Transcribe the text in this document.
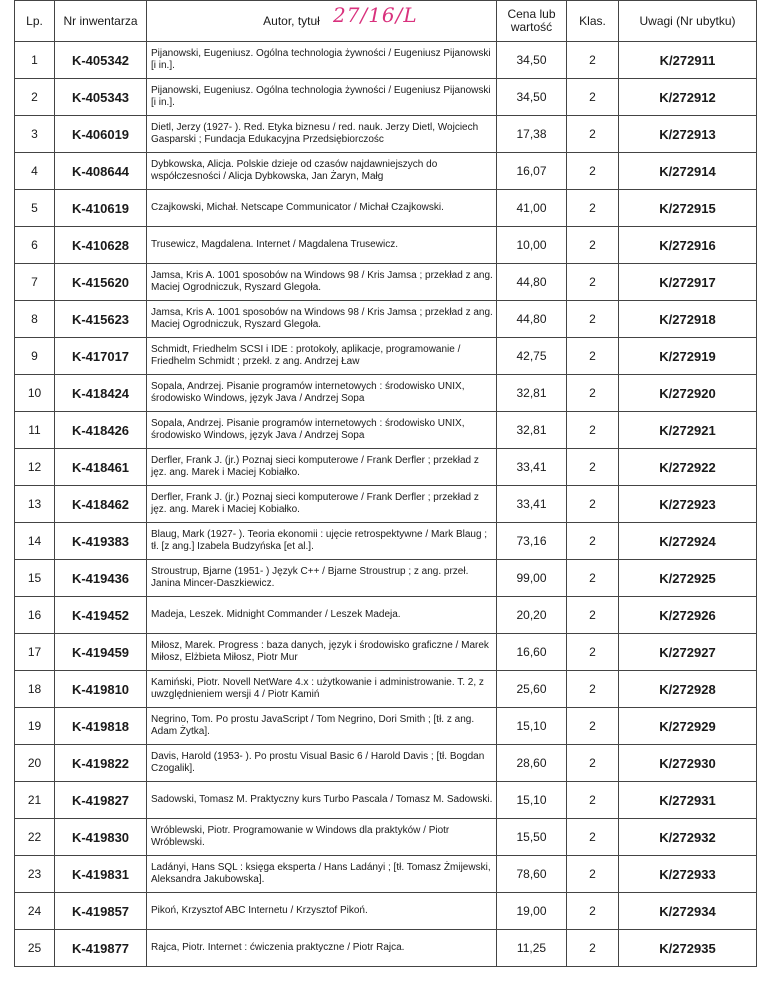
Lp.	Nr inwentarza	Autor, tytuł 27/16/L	Cena lub wartość	Klas.	Uwagi (Nr ubytku)
1	K-405342	Pijanowski, Eugeniusz. Ogólna technologia żywności / Eugeniusz Pijanowski [i in.].	34,50	2	K/272911
2	K-405343	Pijanowski, Eugeniusz. Ogólna technologia żywności / Eugeniusz Pijanowski [i in.].	34,50	2	K/272912
3	K-406019	Dietl, Jerzy (1927- ). Red. Etyka biznesu / red. nauk. Jerzy Dietl, Wojciech Gasparski ; Fundacja Edukacyjna Przedsiębiorczośc	17,38	2	K/272913
4	K-408644	Dybkowska, Alicja. Polskie dzieje od czasów najdawniejszych do współczesności / Alicja Dybkowska, Jan Żaryn, Małg	16,07	2	K/272914
5	K-410619	Czajkowski, Michał. Netscape Communicator / Michał Czajkowski.	41,00	2	K/272915
6	K-410628	Trusewicz, Magdalena. Internet / Magdalena Trusewicz.	10,00	2	K/272916
7	K-415620	Jamsa, Kris A. 1001 sposobów na Windows 98 / Kris Jamsa ; przekład z ang. Maciej Ogrodniczuk, Ryszard Glegoła.	44,80	2	K/272917
8	K-415623	Jamsa, Kris A. 1001 sposobów na Windows 98 / Kris Jamsa ; przekład z ang. Maciej Ogrodniczuk, Ryszard Glegoła.	44,80	2	K/272918
9	K-417017	Schmidt, Friedhelm SCSI i IDE : protokoły, aplikacje, programowanie / Friedhelm Schmidt ; przekł. z ang. Andrzej Ław	42,75	2	K/272919
10	K-418424	Sopala, Andrzej. Pisanie programów internetowych : środowisko UNIX, środowisko Windows, język Java / Andrzej Sopa	32,81	2	K/272920
11	K-418426	Sopala, Andrzej. Pisanie programów internetowych : środowisko UNIX, środowisko Windows, język Java / Andrzej Sopa	32,81	2	K/272921
12	K-418461	Derfler, Frank J. (jr.) Poznaj sieci komputerowe / Frank Derfler ; przekład z jęz. ang. Marek i Maciej Kobiałko.	33,41	2	K/272922
13	K-418462	Derfler, Frank J. (jr.) Poznaj sieci komputerowe / Frank Derfler ; przekład z jęz. ang. Marek i Maciej Kobiałko.	33,41	2	K/272923
14	K-419383	Blaug, Mark (1927- ). Teoria ekonomii : ujęcie retrospektywne / Mark Blaug ; tł. [z ang.] Izabela Budzyńska [et al.].	73,16	2	K/272924
15	K-419436	Stroustrup, Bjarne (1951- ) Język C++ / Bjarne Stroustrup ; z ang. przeł. Janina Mincer-Daszkiewicz.	99,00	2	K/272925
16	K-419452	Madeja, Leszek. Midnight Commander / Leszek Madeja.	20,20	2	K/272926
17	K-419459	Miłosz, Marek. Progress : baza danych, język i środowisko graficzne / Marek Miłosz, Elżbieta Miłosz, Piotr Mur	16,60	2	K/272927
18	K-419810	Kamiński, Piotr. Novell NetWare 4.x : użytkowanie i administrowanie. T. 2, z uwzględnieniem wersji 4 / Piotr Kamiń	25,60	2	K/272928
19	K-419818	Negrino, Tom. Po prostu JavaScript / Tom Negrino, Dori Smith ; [tł. z ang. Adam Żytka].	15,10	2	K/272929
20	K-419822	Davis, Harold (1953- ). Po prostu Visual Basic 6 / Harold Davis ; [tł. Bogdan Czogalik].	28,60	2	K/272930
21	K-419827	Sadowski, Tomasz M. Praktyczny kurs Turbo Pascala / Tomasz M. Sadowski.	15,10	2	K/272931
22	K-419830	Wróblewski, Piotr. Programowanie w Windows dla praktyków / Piotr Wróblewski.	15,50	2	K/272932
23	K-419831	Ladányi, Hans SQL : księga eksperta / Hans Ladányi ; [tł. Tomasz Żmijewski, Aleksandra Jakubowska].	78,60	2	K/272933
24	K-419857	Pikoń, Krzysztof ABC Internetu / Krzysztof Pikoń.	19,00	2	K/272934
25	K-419877	Rajca, Piotr. Internet : ćwiczenia praktyczne / Piotr Rajca.	11,25	2	K/272935
